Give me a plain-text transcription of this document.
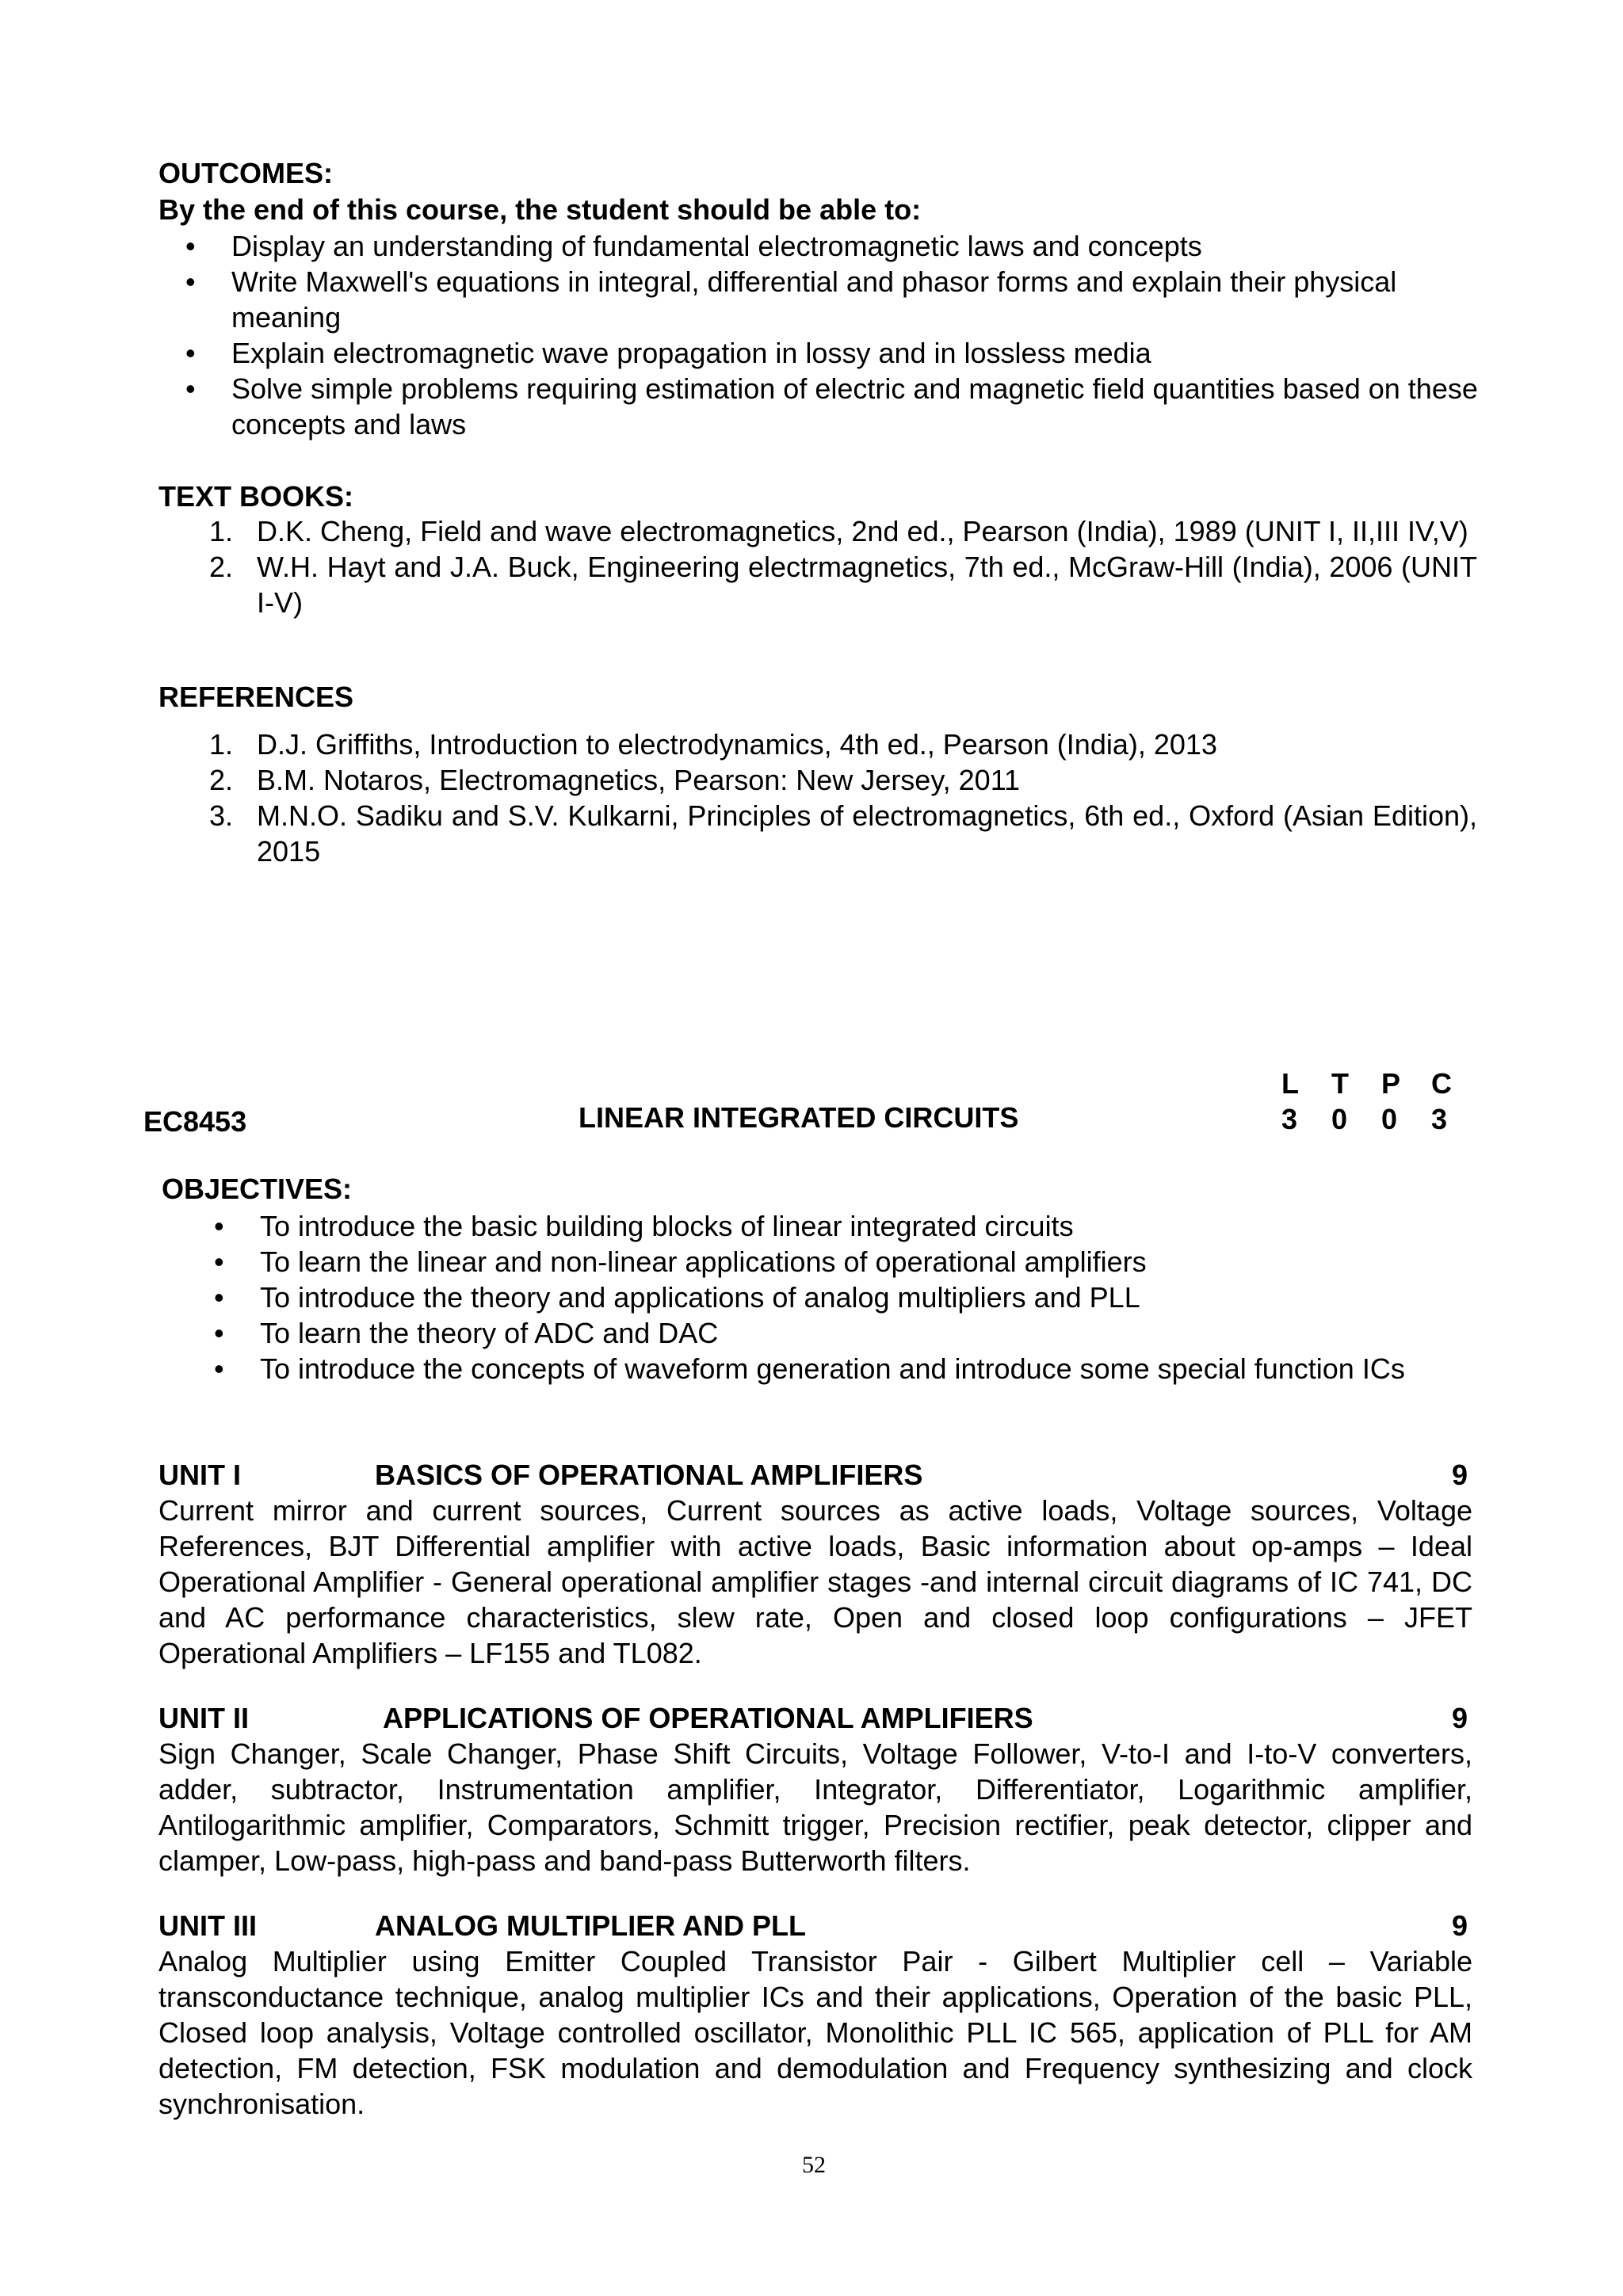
OUTCOMES:
By the end of this course, the student should be able to:
• Display an understanding of fundamental electromagnetic laws and concepts
• Write Maxwell's equations in integral, differential and phasor forms and explain their physical meaning
• Explain electromagnetic wave propagation in lossy and in lossless media
• Solve simple problems requiring estimation of electric and magnetic field quantities based on these concepts and laws
TEXT BOOKS:
1. D.K. Cheng, Field and wave electromagnetics, 2nd ed., Pearson (India), 1989 (UNIT I, II,III IV,V)
2. W.H. Hayt and J.A. Buck, Engineering electrmagnetics, 7th ed., McGraw-Hill (India), 2006 (UNIT I-V)
REFERENCES
1. D.J. Griffiths, Introduction to electrodynamics, 4th ed., Pearson (India), 2013
2. B.M. Notaros, Electromagnetics, Pearson: New Jersey, 2011
3. M.N.O. Sadiku and S.V. Kulkarni, Principles of electromagnetics, 6th ed., Oxford (Asian Edition), 2015
EC8453	LINEAR INTEGRATED CIRCUITS
L	T	P	C
3	0	0	3
OBJECTIVES:
• To introduce the basic building blocks of linear integrated circuits
• To learn the linear and non-linear applications of operational amplifiers
• To introduce the theory and applications of analog multipliers and PLL
• To learn the theory of ADC and DAC
• To introduce the concepts of waveform generation and introduce some special function ICs
UNIT I	BASICS OF OPERATIONAL AMPLIFIERS	9
Current mirror and current sources, Current sources as active loads, Voltage sources, Voltage References, BJT Differential amplifier with active loads, Basic information about op-amps – Ideal Operational Amplifier - General operational amplifier stages -and internal circuit diagrams of IC 741, DC and AC performance characteristics, slew rate, Open and closed loop configurations – JFET Operational Amplifiers – LF155 and TL082.
UNIT II	APPLICATIONS OF OPERATIONAL AMPLIFIERS	9
Sign Changer, Scale Changer, Phase Shift Circuits, Voltage Follower, V-to-I and I-to-V converters, adder, subtractor, Instrumentation amplifier, Integrator, Differentiator, Logarithmic amplifier, Antilogarithmic amplifier, Comparators, Schmitt trigger, Precision rectifier, peak detector, clipper and clamper, Low-pass, high-pass and band-pass Butterworth filters.
UNIT III	ANALOG MULTIPLIER AND PLL	9
Analog Multiplier using Emitter Coupled Transistor Pair - Gilbert Multiplier cell – Variable transconductance technique, analog multiplier ICs and their applications, Operation of the basic PLL, Closed loop analysis, Voltage controlled oscillator, Monolithic PLL IC 565, application of PLL for AM detection, FM detection, FSK modulation and demodulation and Frequency synthesizing and clock synchronisation.
52
